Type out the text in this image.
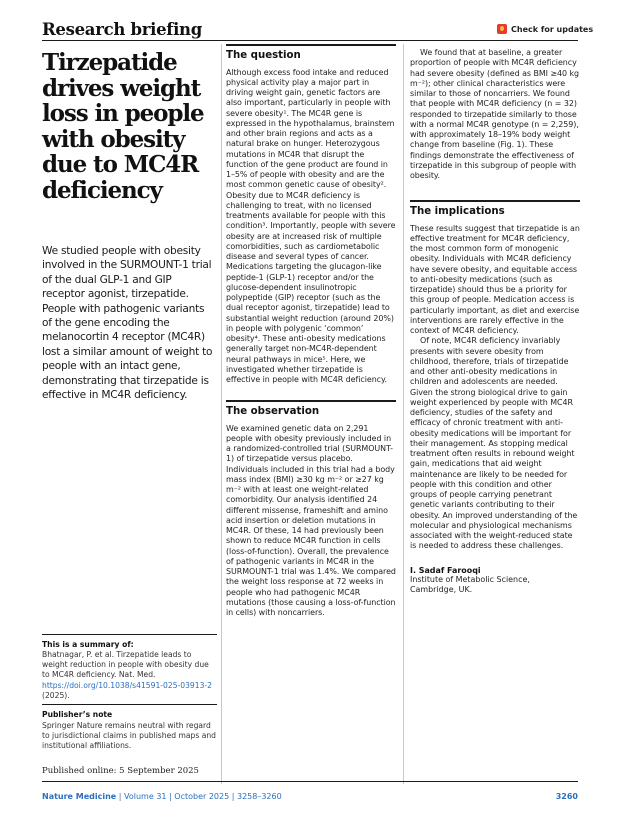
Research briefing	Check for updates
Tirzepatide drives weight loss in people with obesity due to MC4R deficiency

We studied people with obesity involved in the SURMOUNT-1 trial of the dual GLP-1 and GIP receptor agonist, tirzepatide. People with pathogenic variants of the gene encoding the melanocortin 4 receptor (MC4R) lost a similar amount of weight to people with an intact gene, demonstrating that tirzepatide is effective in MC4R deficiency.

This is a summary of:
Bhatnagar, P. et al. Tirzepatide leads to weight reduction in people with obesity due to MC4R deficiency. Nat. Med. https://doi.org/10.1038/s41591-025-03913-2 (2025).
Publisher’s note
Springer Nature remains neutral with regard to jurisdictional claims in published maps and institutional affiliations.
Published online: 5 September 2025
The question

Although excess food intake and reduced physical activity play a major part in driving weight gain, genetic factors are also important, particularly in people with severe obesity¹. The MC4R gene is expressed in the hypothalamus, brainstem and other brain regions and acts as a natural brake on hunger. Heterozygous mutations in MC4R that disrupt the function of the gene product are found in 1–5% of people with obesity and are the most common genetic cause of obesity². Obesity due to MC4R deficiency is challenging to treat, with no licensed treatments available for people with this condition³. Importantly, people with severe obesity are at increased risk of multiple comorbidities, such as cardiometabolic disease and several types of cancer. Medications targeting the glucagon-like peptide-1 (GLP-1) receptor and/or the glucose-dependent insulinotropic polypeptide (GIP) receptor (such as the dual receptor agonist, tirzepatide) lead to substantial weight reduction (around 20%) in people with polygenic ‘common’ obesity⁴. These anti-obesity medications generally target non-MC4R-dependent neural pathways in mice⁵. Here, we investigated whether tirzepatide is effective in people with MC4R deficiency.

The observation

We examined genetic data on 2,291 people with obesity previously included in a randomized-controlled trial (SURMOUNT-1) of tirzepatide versus placebo. Individuals included in this trial had a body mass index (BMI) ≥30 kg m⁻² or ≥27 kg m⁻² with at least one weight-related comorbidity. Our analysis identified 24 different missense, frameshift and amino acid insertion or deletion mutations in MC4R. Of these, 14 had previously been shown to reduce MC4R function in cells (loss-of-function). Overall, the prevalence of pathogenic variants in MC4R in the SURMOUNT-1 trial was 1.4%. We compared the weight loss response at 72 weeks in people who had pathogenic MC4R mutations (those causing a loss-of-function in cells) with noncarriers.

We found that at baseline, a greater proportion of people with MC4R deficiency had severe obesity (defined as BMI ≥40 kg m⁻²); other clinical characteristics were similar to those of noncarriers. We found that people with MC4R deficiency (n = 32) responded to tirzepatide similarly to those with a normal MC4R genotype (n = 2,259), with approximately 18–19% body weight change from baseline (Fig. 1). These findings demonstrate the effectiveness of tirzepatide in this subgroup of people with obesity.

The implications

These results suggest that tirzepatide is an effective treatment for MC4R deficiency, the most common form of monogenic obesity. Individuals with MC4R deficiency have severe obesity, and equitable access to anti-obesity medications (such as tirzepatide) should thus be a priority for this group of people. Medication access is particularly important, as diet and exercise interventions are rarely effective in the context of MC4R deficiency.

Of note, MC4R deficiency invariably presents with severe obesity from childhood, therefore, trials of tirzepatide and other anti-obesity medications in children and adolescents are needed. Given the strong biological drive to gain weight experienced by people with MC4R deficiency, studies of the safety and efficacy of chronic treatment with anti-obesity medications will be important for their management. As stopping medical treatment often results in rebound weight gain, medications that aid weight maintenance are likely to be needed for people with this condition and other groups of people carrying penetrant genetic variants contributing to their obesity. An improved understanding of the molecular and physiological mechanisms associated with the weight-reduced state is needed to address these challenges.

I. Sadaf Farooqi
Institute of Metabolic Science,
Cambridge, UK.
Nature Medicine | Volume 31 | October 2025 | 3258–3260	3260
